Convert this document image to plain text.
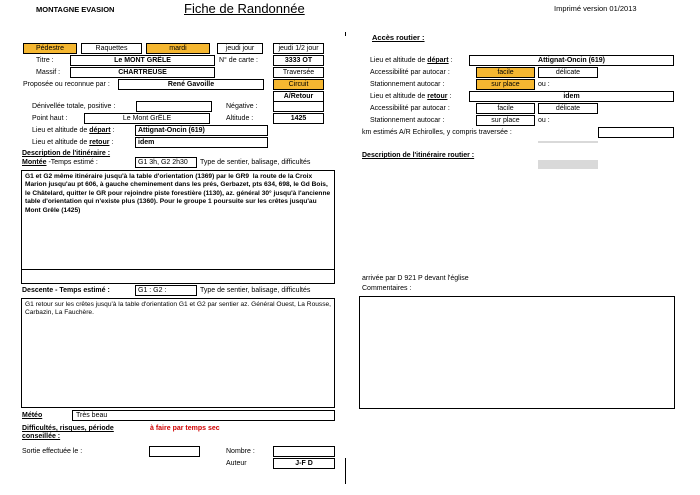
MONTAGNE EVASION	Fiche de Randonnée	Imprimé version 01/2013
Pédestre	Raquettes	mardi	jeudi jour	jeudi 1/2 jour
Titre :	Le MONT GRÊLE	N° de carte :	3333 OT
Massif :	CHARTREUSE	Traversée
Proposée ou reconnue par :	René Gavoille	Circuit
A/Retour
Dénivellée totale, positive :	Négative :
Point haut :	Le Mont GrÊLE	Altitude :	1425
Lieu et altitude de départ :	Attignat-Oncin (619)
Lieu et altitude de retour :	idem
Description de l'itinéraire :
Montée -Temps estimé :	G1 3h, G2 2h30	Type de sentier, balisage, difficultés
G1 et G2 même itinéraire jusqu'à la table d'orientation (1369) par le GR9  la route de la Croix Marion jusqu'au pt 606, à gauche cheminement dans les prés, Gerbazet, pts 634, 698, le Gd Bois, le Châtelard, quitter le GR pour rejoindre piste forestière (1130), az. général 30° jusqu'à l'ancienne table d'orientation qui n'existe plus (1360). Pour le groupe 1 poursuite sur les crêtes jusqu'au Mont Grêle (1425)
Descente - Temps estimé :	G1 : G2 :	Type de sentier, balisage, difficultés
G1 retour sur les crêtes jusqu'à la table d'orientation G1 et G2 par sentier az. Général Ouest, La Rousse, Carbazin, La Fauchère.
Météo	Très beau
Difficultés, risques, période conseillée :
à faire par temps sec
Sortie effectuée le :	Nombre :
Auteur	J-F D
Accès routier :
Lieu et altitude de départ :	Attignat-Oncin (619)
Accessibilité par autocar :	facile	délicate
Stationnement autocar :	sur place	ou :
Lieu et altitude de retour :	idem
Accessibilité par autocar :	facile	délicate
Stationnement autocar :	sur place	ou :
km estimés A/R Echirolles, y compris traversée :
Description de l'itinéraire routier :
arrivée par D 921 P devant l'église
Commentaires :
